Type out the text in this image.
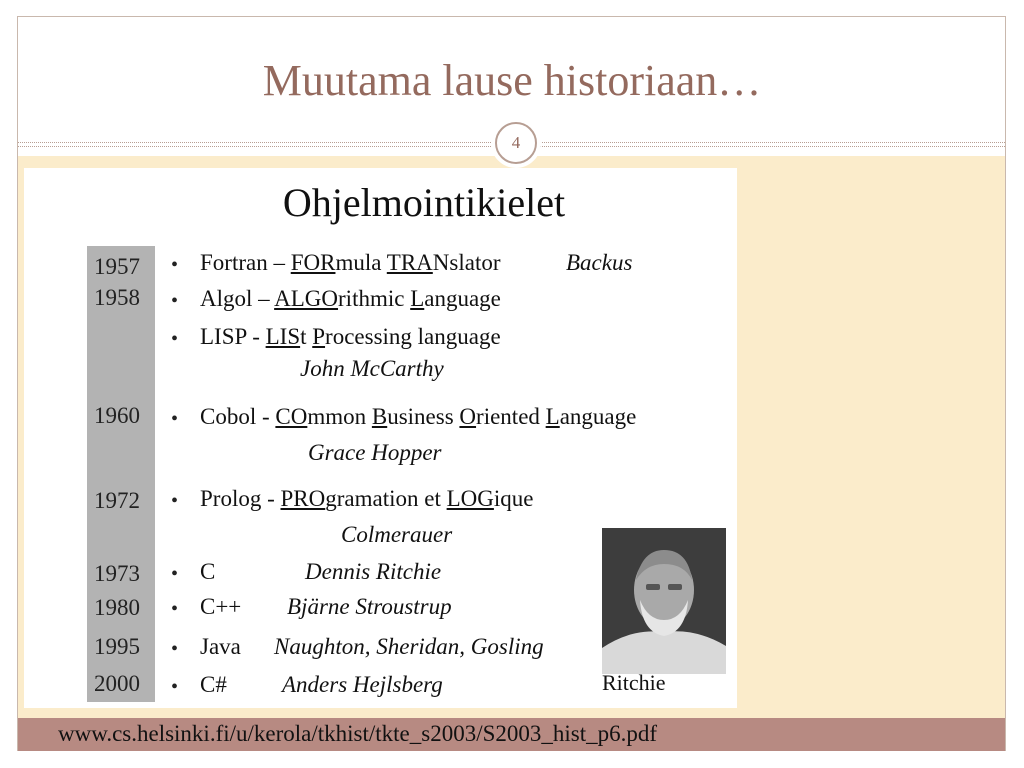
Muutama lause historiaan…
4
Ohjelmointikielet
1957
1958
1960
1972
1973
1980
1995
2000
•
•
•
•
•
•
•
•
•
Fortran – FORmula TRANslator
Algol – ALGOrithmic Language
LISP - LISt Processing language
Cobol - COmmon Business Oriented Language
Prolog - PROgramation et LOGique
C
C++
Java
C#
Backus
John McCarthy
Grace Hopper
Colmerauer
Dennis Ritchie
Bjärne Stroustrup
Naughton, Sheridan, Gosling
Anders Hejlsberg	Ritchie
www.cs.helsinki.fi/u/kerola/tkhist/tkte_s2003/S2003_hist_p6.pdf
